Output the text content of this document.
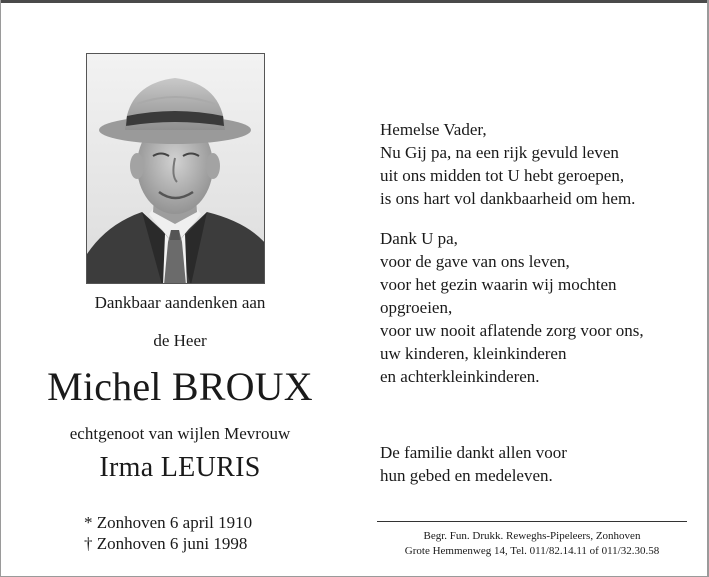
Dankbaar aandenken aan
de Heer
Michel BROUX
echtgenoot van wijlen Mevrouw
Irma LEURIS
* Zonhoven 6 april 1910
† Zonhoven 6 juni 1998
Hemelse Vader,
Nu Gij pa, na een rijk gevuld leven
uit ons midden tot U hebt geroepen,
is ons hart vol dankbaarheid om hem.
Dank U pa,
voor de gave van ons leven,
voor het gezin waarin wij mochten
opgroeien,
voor uw nooit aflatende zorg voor ons,
uw kinderen, kleinkinderen
en achterkleinkinderen.
De familie dankt allen voor
hun gebed en medeleven.
Begr. Fun. Drukk. Reweghs-Pipeleers, Zonhoven
Grote Hemmenweg 14, Tel. 011/82.14.11 of 011/32.30.58
